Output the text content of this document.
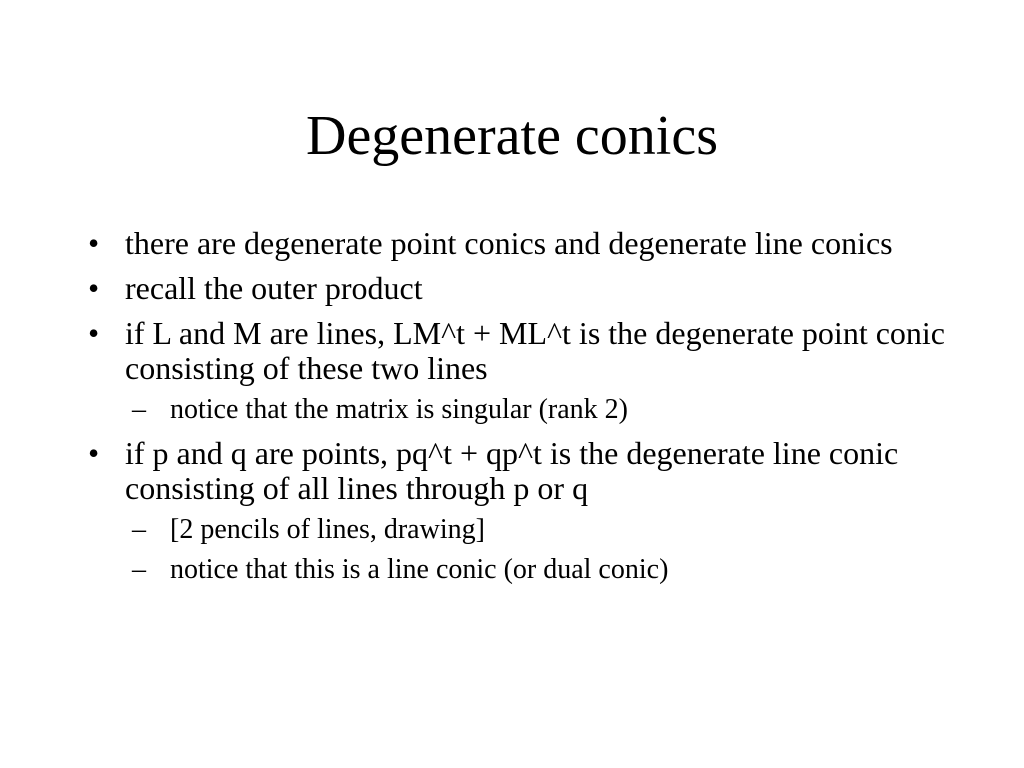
Degenerate conics
• there are degenerate point conics and degenerate line conics
• recall the outer product
• if L and M are lines, LM^t + ML^t is the degenerate point conic consisting of these two lines
– notice that the matrix is singular (rank 2)
• if p and q are points, pq^t + qp^t is the degenerate line conic consisting of all lines through p or q
– [2 pencils of lines, drawing]
– notice that this is a line conic (or dual conic)
